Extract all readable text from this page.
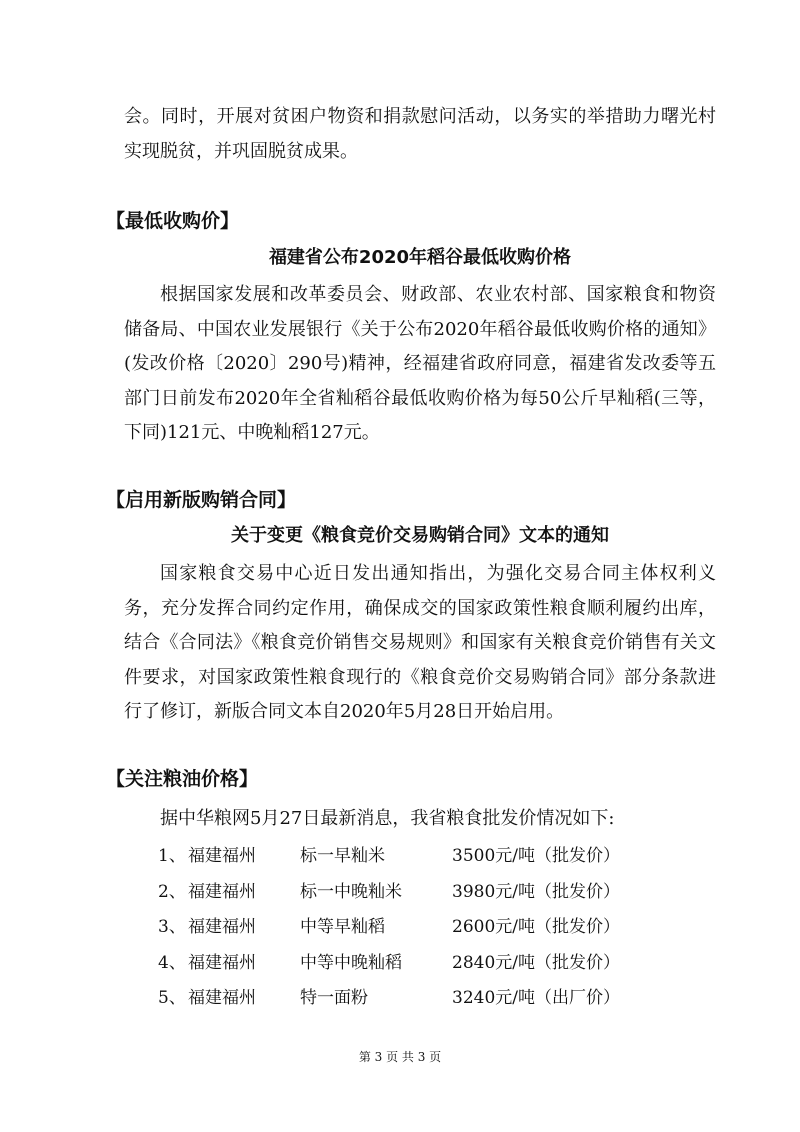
会。同时，开展对贫困户物资和捐款慰问活动，以务实的举措助力曙光村实现脱贫，并巩固脱贫成果。

【最低收购价】
福建省公布2020年稻谷最低收购价格

根据国家发展和改革委员会、财政部、农业农村部、国家粮食和物资储备局、中国农业发展银行《关于公布2020年稻谷最低收购价格的通知》(发改价格〔2020〕290号)精神，经福建省政府同意，福建省发改委等五部门日前发布2020年全省籼稻谷最低收购价格为每50公斤早籼稻(三等，下同)121元、中晚籼稻127元。

【启用新版购销合同】
关于变更《粮食竞价交易购销合同》文本的通知

国家粮食交易中心近日发出通知指出，为强化交易合同主体权利义务，充分发挥合同约定作用，确保成交的国家政策性粮食顺利履约出库，结合《合同法》《粮食竞价销售交易规则》和国家有关粮食竞价销售有关文件要求，对国家政策性粮食现行的《粮食竞价交易购销合同》部分条款进行了修订，新版合同文本自2020年5月28日开始启用。

【关注粮油价格】

据中华粮网5月27日最新消息，我省粮食批发价情况如下:

1、 福建福州	标一早籼米	3500元/吨（批发价）
2、 福建福州	标一中晚籼米	3980元/吨（批发价）
3、 福建福州	中等早籼稻	2600元/吨（批发价）
4、 福建福州	中等中晚籼稻	2840元/吨（批发价）
5、 福建福州	特一面粉	3240元/吨（出厂价）
第 3 页 共 3 页
